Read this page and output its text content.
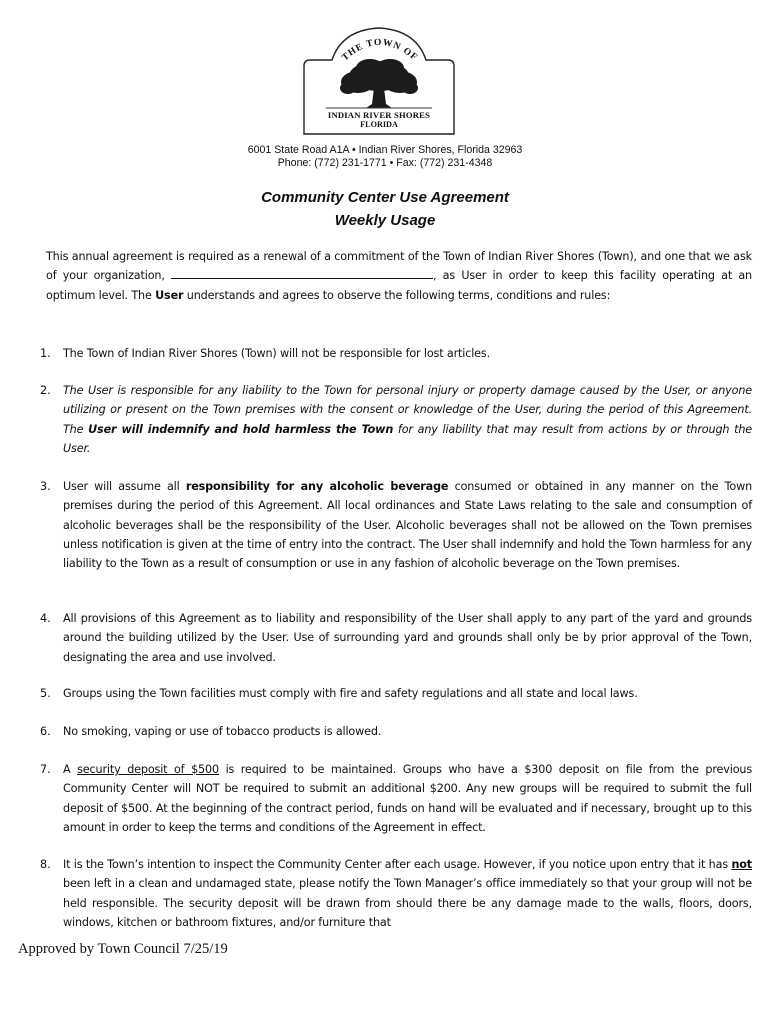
THE TOWN OF
INDIAN RIVER SHORES
FLORIDA
6001 State Road A1A • Indian River Shores, Florida 32963
Phone: (772) 231-1771 • Fax: (772) 231-4348
Community Center Use Agreement
Weekly Usage
This annual agreement is required as a renewal of a commitment of the Town of Indian River Shores (Town), and one that we ask of your organization,	, as User in order to keep this facility operating at an optimum level. The User understands and agrees to observe the following terms, conditions and rules:
1.	The Town of Indian River Shores (Town) will not be responsible for lost articles.
2.	The User is responsible for any liability to the Town for personal injury or property damage caused by the User, or anyone utilizing or present on the Town premises with the consent or knowledge of the User, during the period of this Agreement. The User will indemnify and hold harmless the Town for any liability that may result from actions by or through the User.
3.	User will assume all responsibility for any alcoholic beverage consumed or obtained in any manner on the Town premises during the period of this Agreement. All local ordinances and State Laws relating to the sale and consumption of alcoholic beverages shall be the responsibility of the User. Alcoholic beverages shall not be allowed on the Town premises unless notification is given at the time of entry into the contract. The User shall indemnify and hold the Town harmless for any liability to the Town as a result of consumption or use in any fashion of alcoholic beverage on the Town premises.
4.	All provisions of this Agreement as to liability and responsibility of the User shall apply to any part of the yard and grounds around the building utilized by the User. Use of surrounding yard and grounds shall only be by prior approval of the Town, designating the area and use involved.
5.	Groups using the Town facilities must comply with fire and safety regulations and all state and local laws.
6.	No smoking, vaping or use of tobacco products is allowed.
7.	A security deposit of $500 is required to be maintained. Groups who have a $300 deposit on file from the previous Community Center will NOT be required to submit an additional $200. Any new groups will be required to submit the full deposit of $500. At the beginning of the contract period, funds on hand will be evaluated and if necessary, brought up to this amount in order to keep the terms and conditions of the Agreement in effect.
8.	It is the Town’s intention to inspect the Community Center after each usage. However, if you notice upon entry that it has not been left in a clean and undamaged state, please notify the Town Manager’s office immediately so that your group will not be held responsible. The security deposit will be drawn from should there be any damage made to the walls, floors, doors, windows, kitchen or bathroom fixtures, and/or furniture that
Approved by Town Council 7/25/19
